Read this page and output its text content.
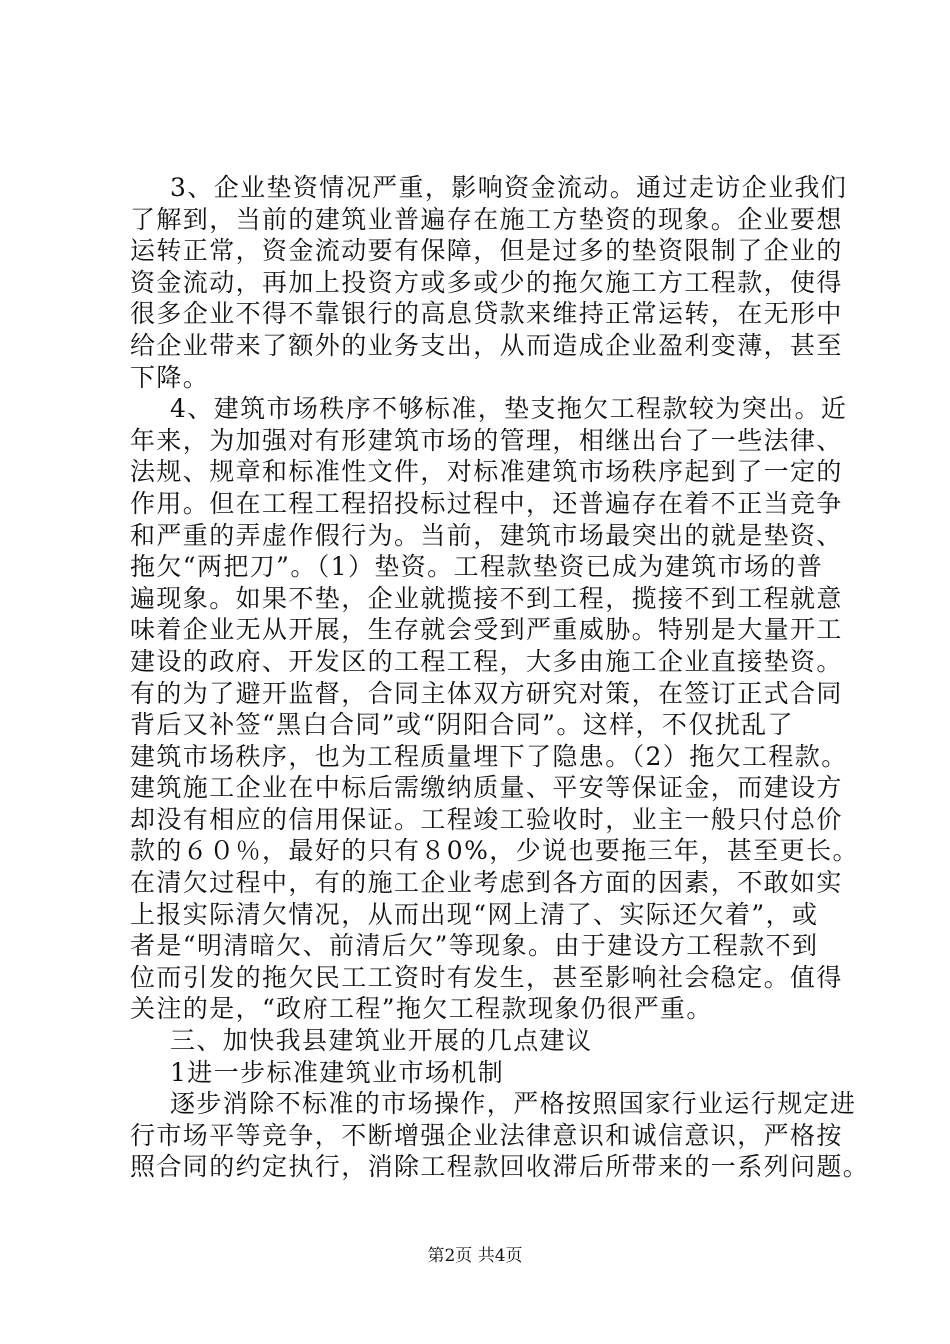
3、企业垫资情况严重，影响资金流动。通过走访企业我们
了解到，当前的建筑业普遍存在施工方垫资的现象。企业要想
运转正常，资金流动要有保障，但是过多的垫资限制了企业的
资金流动，再加上投资方或多或少的拖欠施工方工程款，使得
很多企业不得不靠银行的高息贷款来维持正常运转，在无形中
给企业带来了额外的业务支出，从而造成企业盈利变薄，甚至
下降。
4、建筑市场秩序不够标准，垫支拖欠工程款较为突出。近
年来，为加强对有形建筑市场的管理，相继出台了一些法律、
法规、规章和标准性文件，对标准建筑市场秩序起到了一定的
作用。但在工程工程招投标过程中，还普遍存在着不正当竞争
和严重的弄虚作假行为。当前，建筑市场最突出的就是垫资、
拖欠“两把刀”。（1）垫资。工程款垫资已成为建筑市场的普
遍现象。如果不垫，企业就揽接不到工程，揽接不到工程就意
味着企业无从开展，生存就会受到严重威胁。特别是大量开工
建设的政府、开发区的工程工程，大多由施工企业直接垫资。
有的为了避开监督，合同主体双方研究对策，在签订正式合同
背后又补签“黑白合同”或“阴阳合同”。这样，不仅扰乱了
建筑市场秩序，也为工程质量埋下了隐患。（2）拖欠工程款。
建筑施工企业在中标后需缴纳质量、平安等保证金，而建设方
却没有相应的信用保证。工程竣工验收时，业主一般只付总价
款的６０％，最好的只有８0%，少说也要拖三年，甚至更长。
在清欠过程中，有的施工企业考虑到各方面的因素，不敢如实
上报实际清欠情况，从而出现“网上清了、实际还欠着”，或
者是“明清暗欠、前清后欠”等现象。由于建设方工程款不到
位而引发的拖欠民工工资时有发生，甚至影响社会稳定。值得
关注的是，“政府工程”拖欠工程款现象仍很严重。
三、加快我县建筑业开展的几点建议
1进一步标准建筑业市场机制
逐步消除不标准的市场操作，严格按照国家行业运行规定进
行市场平等竞争，不断增强企业法律意识和诚信意识，严格按
照合同的约定执行，消除工程款回收滞后所带来的一系列问题。
第2页 共4页
